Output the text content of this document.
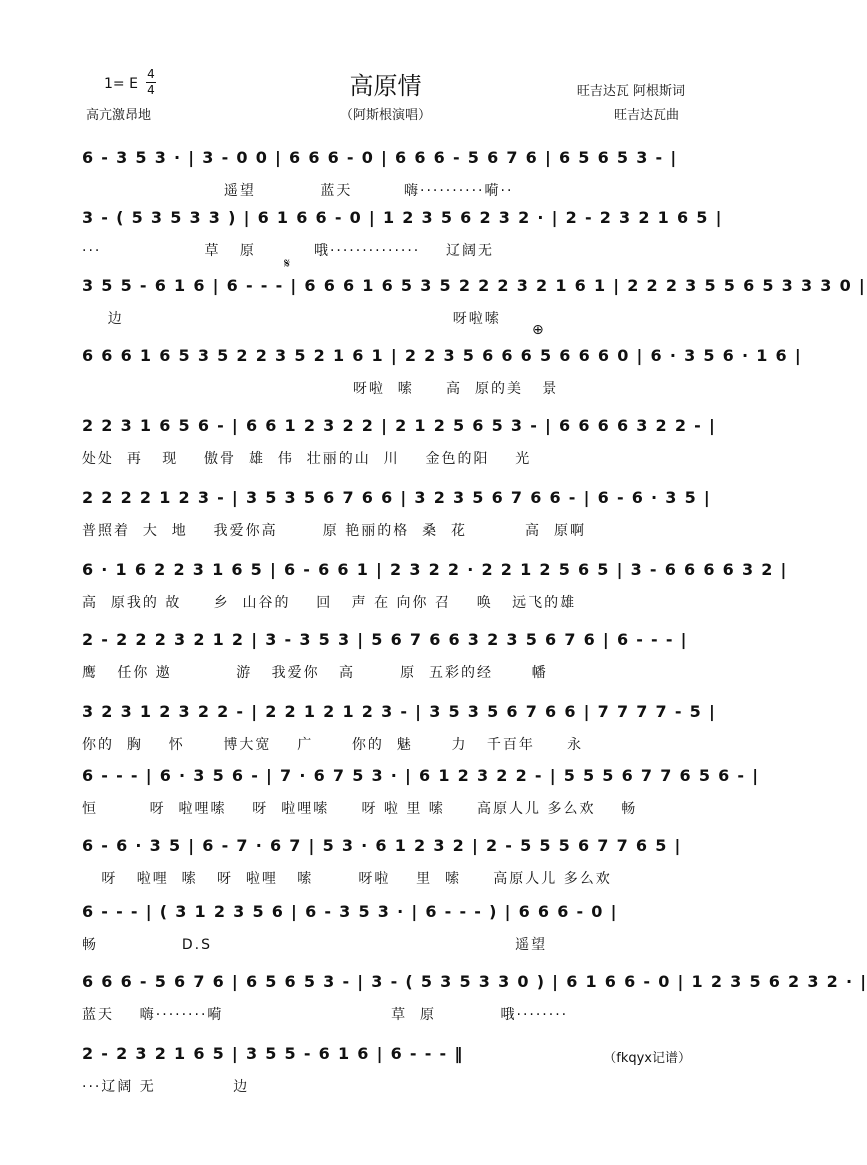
1= E
4
4	高原情
（阿斯根演唱）
高亢激昂地
旺吉达瓦 阿根斯词
旺吉达瓦曲
𝄋
⊕
6 - 3 5 3 · | 3 - 0 0 | 6 6 6 - 0 | 6 6 6 - 5 6 7 6 | 6 5 6 5 3 - |
遥望          蓝天        嗨··········嗬··
3 - ( 5 3 5 3 3 ) | 6 1 6 6 - 0 | 1 2 3 5 6 2 3 2 · | 2 - 2 3 2 1 6 5 |
···                草   原         哦··············    辽阔无
3 5 5 - 6 1 6 | 6 - - - | 6 6 6 1 6 5 3 5 2 2 2 3 2 1 6 1 | 2 2 2 3 5 5 6 5 3 3 3 0 |
边                                                   呀啦嗦
6 6 6 1 6 5 3 5 2 2 3 5 2 1 6 1 | 2 2 3 5 6 6 6 5 6 6 6 0 | 6 · 3 5 6 · 1 6 |
呀啦  嗦     高  原的美   景
2 2 3 1 6 5 6 - | 6 6 1 2 3 2 2 | 2 1 2 5 6 5 3 - | 6 6 6 6 3 2 2 - |
处处  再   现    傲骨  雄  伟  壮丽的山  川    金色的阳    光
2 2 2 2 1 2 3 - | 3 5 3 5 6 7 6 6 | 3 2 3 5 6 7 6 6 - | 6 - 6 · 3 5 |
普照着  大  地    我爱你高       原 艳丽的格  桑  花         高  原啊
6 · 1 6 2 2 3 1 6 5 | 6 - 6 6 1 | 2 3 2 2 · 2 2 1 2 5 6 5 | 3 - 6 6 6 6 3 2 |
高  原我的 故     乡  山谷的    回   声 在 向你 召    唤   远飞的雄
2 - 2 2 2 3 2 1 2 | 3 - 3 5 3 | 5 6 7 6 6 3 2 3 5 6 7 6 | 6 - - - |
鹰   任你 遨          游   我爱你   高       原  五彩的经      幡
3 2 3 1 2 3 2 2 - | 2 2 1 2 1 2 3 - | 3 5 3 5 6 7 6 6 | 7 7 7 7 - 5 |
你的  胸    怀      博大宽    广      你的  魅      力   千百年     永
6 - - - | 6 · 3 5 6 - | 7 · 6 7 5 3 · | 6 1 2 3 2 2 - | 5 5 5 6 7 7 6 5 6 - |
恒        呀  啦哩嗦    呀  啦哩嗦     呀 啦 里 嗦     高原人儿 多么欢    畅
6 - 6 · 3 5 | 6 - 7 · 6 7 | 5 3 · 6 1 2 3 2 | 2 - 5 5 5 6 7 7 6 5 |
呀   啦哩  嗦   呀  啦哩   嗦       呀啦    里  嗦     高原人儿 多么欢
6 - - - | ( 3 1 2 3 5 6 | 6 - 3 5 3 · | 6 - - - ) | 6 6 6 - 0 |
畅             D.S                                               遥望
6 6 6 - 5 6 7 6 | 6 5 6 5 3 - | 3 - ( 5 3 5 3 3 0 ) | 6 1 6 6 - 0 | 1 2 3 5 6 2 3 2 · |
蓝天    嗨········嗬                          草  原          哦········
2 - 2 3 2 1 6 5 | 3 5 5 - 6 1 6 | 6 - - - ‖
···辽阔 无            边
（fkqyx记谱）
